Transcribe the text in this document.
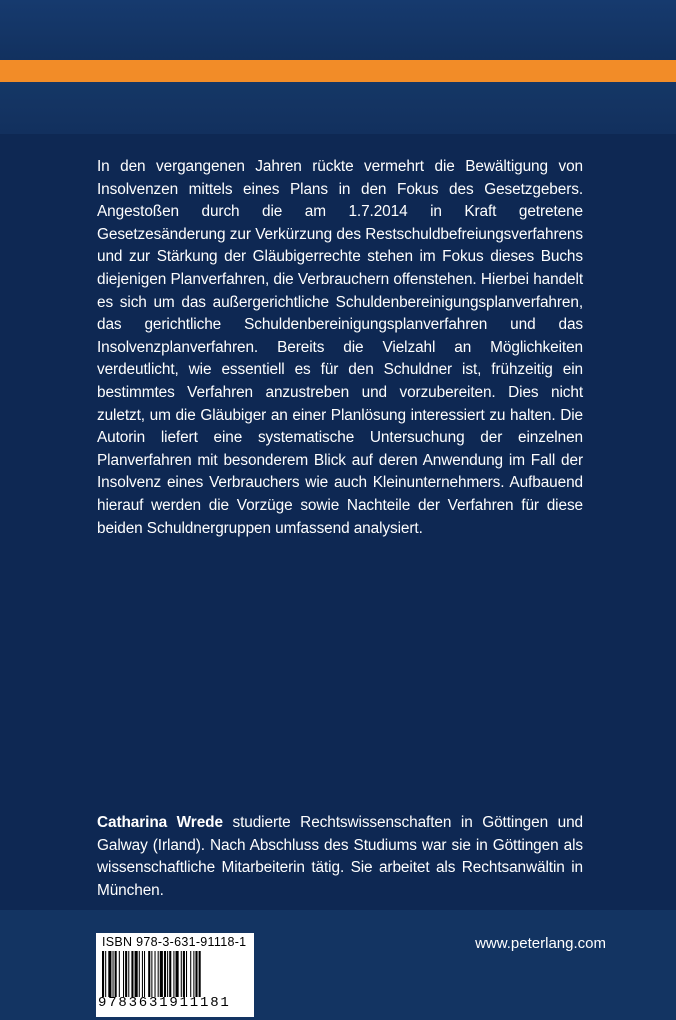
In den vergangenen Jahren rückte vermehrt die Bewältigung von Insolvenzen mittels eines Plans in den Fokus des Gesetzgebers. Angestoßen durch die am 1.7.2014 in Kraft getretene Gesetzesänderung zur Verkürzung des Restschuldbefreiungsverfahrens und zur Stärkung der Gläubigerrechte stehen im Fokus dieses Buchs diejenigen Planverfahren, die Verbrauchern offenstehen. Hierbei handelt es sich um das außergerichtliche Schuldenbereinigungsplanverfahren, das gerichtliche Schuldenbereinigungsplanverfahren und das Insolvenzplanverfahren. Bereits die Vielzahl an Möglichkeiten verdeutlicht, wie essentiell es für den Schuldner ist, frühzeitig ein bestimmtes Verfahren anzustreben und vorzubereiten. Dies nicht zuletzt, um die Gläubiger an einer Planlösung interessiert zu halten. Die Autorin liefert eine systematische Untersuchung der einzelnen Planverfahren mit besonderem Blick auf deren Anwendung im Fall der Insolvenz eines Verbrauchers wie auch Kleinunternehmers. Aufbauend hierauf werden die Vorzüge sowie Nachteile der Verfahren für diese beiden Schuldnergruppen umfassend analysiert.

Catharina Wrede studierte Rechtswissenschaften in Göttingen und Galway (Irland). Nach Abschluss des Studiums war sie in Göttingen als wissenschaftliche Mitarbeiterin tätig. Sie arbeitet als Rechtsanwältin in München.

ISBN 978-3-631-91118-1
9783631911181
www.peterlang.com
